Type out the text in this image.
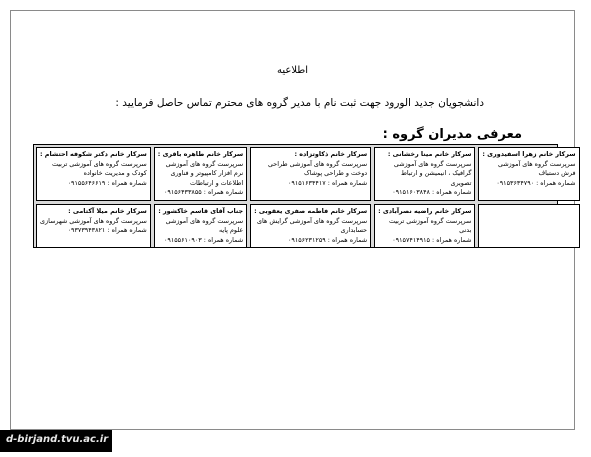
اطلاعیه
دانشجویان جدید الورود جهت ثبت نام با مدیر گروه های محترم تماس حاصل فرمایید :
معرفی مدیران گروه :
سرکار خانم دکتر شکوفه احتشام :
سرپرست گروه های آموزشی تربیت کودک و مدیریت خانواده
شماره همراه : ۰۹۱۵۵۶۴۶۶۱۹
سرکار خانم طاهره باقری :
سرپرست گروه های آموزشی نرم افزار کامپیوتر و فناوری اطلاعات و ارتباطات
شماره همراه : ۰۹۱۵۶۴۳۳۸۵۵
سرکار خانم ذکاوتزاده :
سرپرست گروه های آموزشی طراحی دوخت و طراحی پوشاک
شماره همراه : ۰۹۱۵۱۶۳۴۴۱۷
سرکار خانم مینا رخشانی :
سرپرست گروه های آموزشی گرافیک ، انیمیشن و ارتباط تصویری
شماره همراه : ۰۹۱۵۱۶۰۳۸۴۸
سرکار خانم زهرا اسفیدوری :
سرپرست گروه های آموزشی فرش دستباف
شماره همراه : ۰۹۱۵۳۶۳۴۷۹۰
سرکار خانم میلا آکتامی :
سرپرست گروه های آموزشی شهرسازی
شماره همراه : ۰۹۳۷۳۹۴۳۸۲۱
جناب آقای قاسم خاکشور :
سرپرست گروه های آموزشی علوم پایه
شماره همراه : ۰۹۱۵۵۶۱۰۹۰۳
سرکار خانم فاطمه صفری یعقوبی :
سرپرست گروه های آموزشی گرایش های حسابداری
شماره همراه : ۰۹۱۵۶۲۳۱۲۵۹
سرکار خانم راضیه نصرآبادی :
سرپرست گروه آموزشی تربیت بدنی
شماره همراه : ۰۹۱۵۷۴۱۴۹۱۵
d-birjand.tvu.ac.ir
